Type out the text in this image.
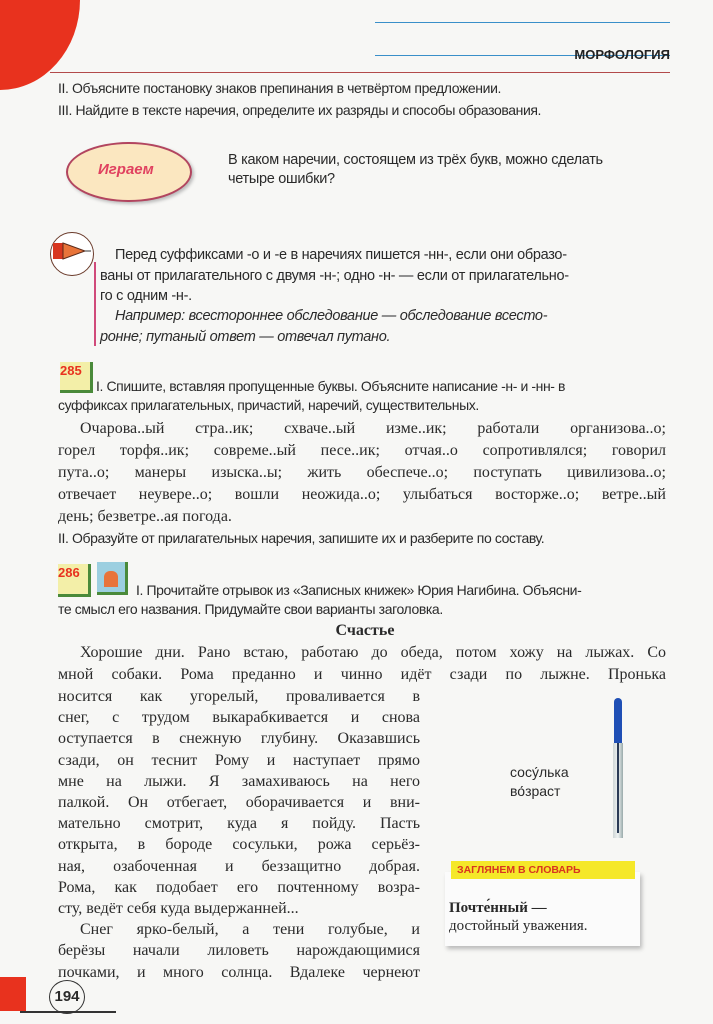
МОРФОЛОГИЯ
II. Объясните постановку знаков препинания в четвёртом предложении.
III. Найдите в тексте наречия, определите их разряды и способы образования.
Играем
В каком наречии, состоящем из трёх букв, можно сделать
четыре ошибки?
Перед суффиксами -о и -е в наречиях пишется -нн-, если они образо-
ваны от прилагательного с двумя -н-; одно -н- — если от прилагательно-
го с одним -н-.
Например: всестороннее обследование — обследование всесто-
ронне; путаный ответ — отвечал путано.
285
I. Спишите, вставляя пропущенные буквы. Объясните написание -н- и -нн- в
суффиксах прилагательных, причастий, наречий, существительных.
Очарова..ый стра..ик; схваче..ый изме..ик; работали организова..о;
горел торфя..ик; совреме..ый песе..ик; отчая..о сопротивлялся; говорил
пута..о; манеры изыска..ы; жить обеспече..о; поступать цивилизова..о;
отвечает неувере..о; вошли неожида..о; улыбаться восторже..о; ветре..ый
день; безветре..ая погода.
II. Образуйте от прилагательных наречия, запишите их и разберите по составу.
286
I. Прочитайте отрывок из «Записных книжек» Юрия Нагибина. Объясни-
те смысл его названия. Придумайте свои варианты заголовка.
Счастье
Хорошие дни. Рано встаю, работаю до обеда, потом хожу на лыжах. Со
мной собаки. Рома преданно и чинно идёт сзади по лыжне. Пронька
носится как угорелый, проваливается в
снег, с трудом выкарабкивается и снова
оступается в снежную глубину. Оказавшись
сзади, он теснит Рому и наступает прямо
мне на лыжи. Я замахиваюсь на него
палкой. Он отбегает, оборачивается и вни-
мательно смотрит, куда я пойду. Пасть
открыта, в бороде сосульки, рожа серьёз-
ная, озабоченная и беззащитно добрая.
Рома, как подобает его почтенному возра-
сту, ведёт себя куда выдержанней...
Снег ярко-белый, а тени голубые, и
берёзы начали лиловеть нарождающимися
почками, и много солнца. Вдалеке чернеют
сосу́лька
во́зраст
ЗАГЛЯНЕМ В СЛОВАРЬ
Почте́нный —
достойный уважения.
194
